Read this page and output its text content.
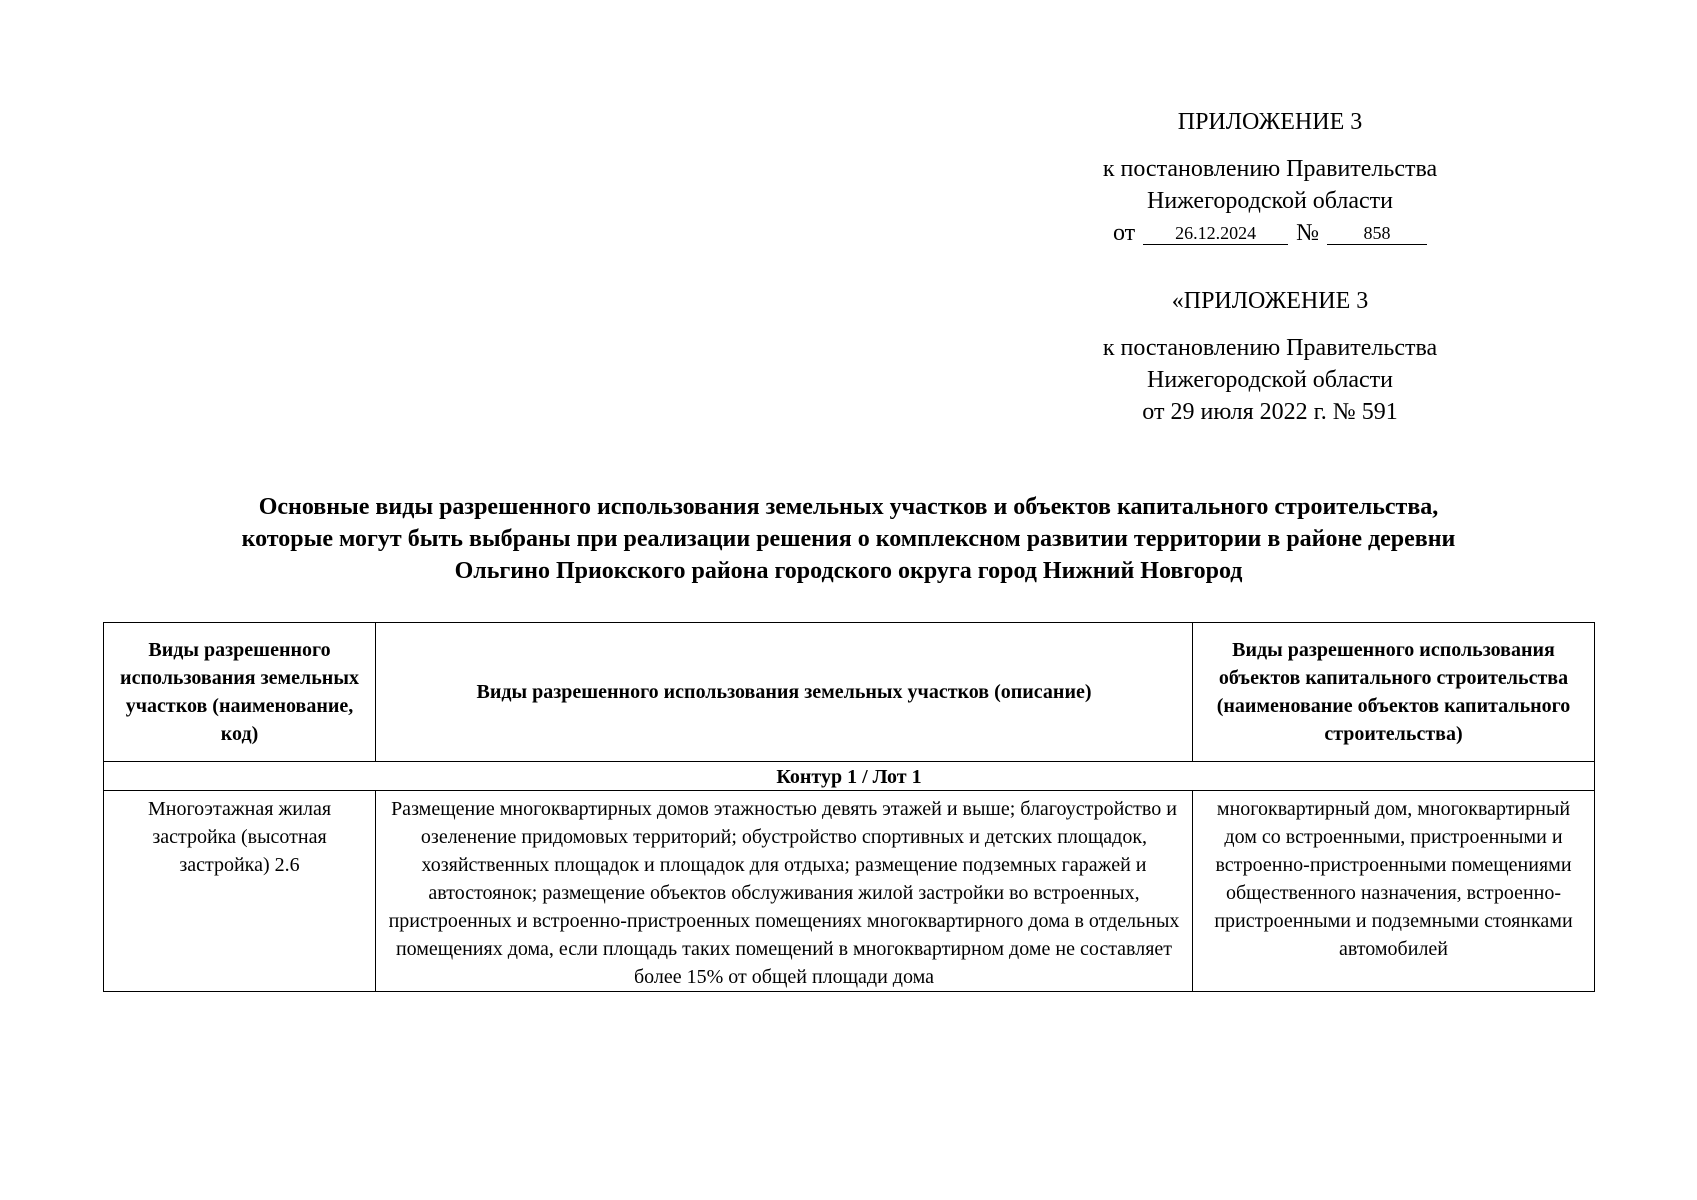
ПРИЛОЖЕНИЕ 3
к постановлению Правительства
Нижегородской области
от	26.12.2024	№	858
«ПРИЛОЖЕНИЕ 3
к постановлению Правительства
Нижегородской области
от 29 июля 2022 г. № 591
Основные виды разрешенного использования земельных участков и объектов капитального строительства,
которые могут быть выбраны при реализации решения о комплексном развитии территории в районе деревни
Ольгино Приокского района городского округа город Нижний Новгород
Виды разрешенного использования земельных участков (наименование, код)	Виды разрешенного использования земельных участков (описание)	Виды разрешенного использования объектов капитального строительства (наименование объектов капитального строительства)
Контур 1 / Лот 1		
Многоэтажная жилая застройка (высотная застройка) 2.6	Размещение многоквартирных домов этажностью девять этажей и выше; благоустройство и озеленение придомовых территорий; обустройство спортивных и детских площадок, хозяйственных площадок и площадок для отдыха; размещение подземных гаражей и автостоянок; размещение объектов обслуживания жилой застройки во встроенных, пристроенных и встроенно-пристроенных помещениях многоквартирного дома в отдельных помещениях дома, если площадь таких помещений в многоквартирном доме не составляет более 15% от общей площади дома	многоквартирный дом, многоквартирный дом со встроенными, пристроенными и встроенно-пристроенными помещениями общественного назначения, встроенно-пристроенными и подземными стоянками автомобилей
